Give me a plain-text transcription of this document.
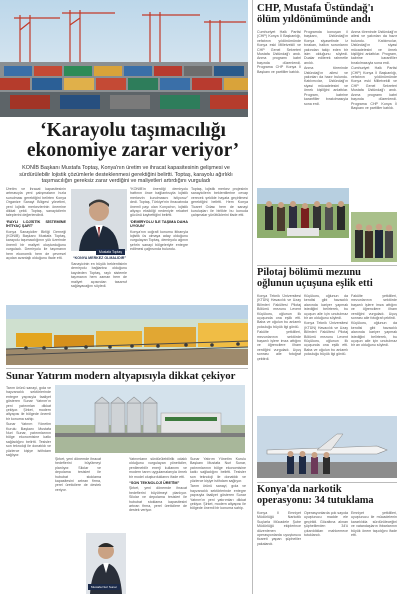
‘Karayolu taşımacılığı
ekonomiye zarar veriyor’
KONİB Başkanı Mustafa Toptaş, Konya'nın üretim ve ihracat kapasitesinin gelişmesi ve sürdürülebilir lojistik çözümlerle desteklenmesi gerektiğini belirtti. Toptaş, karayolu ağırlıklı taşımacılığın gereksiz zarar verdiğini ve maliyetleri artırdığını vurguladı

Üretim ve ihracat kapasitesinin artmasıyla yeni çalışmaların hızla sunulması gerektiğini belirten Konya Organize Sanayi Bölgesi yönetimi, yeni lojistik merkezlerinin önemine dikkat çekti. Toptaş, sanayicilerin taleplerini değerlendirdi.

‘RAYLI LOJİSTİK SİSTEMİNE İHTİYAÇ ŞART’

Konya Sanayiciler Birliği Derneği (KONİB) Başkanı Mustafa Toptaş, karayolu taşımacılığının yük üzerinde önemli bir maliyet oluşturduğunu vurguladı. Demiryolu ile taşımanın hem ekonomik hem de çevresel açıdan avantajlı olduğunu ifade etti.

Mustafa Toptaş
“KONYA MERKEZ OLMALIDIR”

Sanayicinin en büyük beklentisinin demiryolu bağlantısı olduğunu kaydeden Toptaş, raylı sistemle taşımanın hem zaman hem de maliyet açısından tasarruf sağlayacağını söyledi.

“KONİB'in önerdiği demiryolu hattının önce bağlantısıyla lojistik merkezin kurulmasını istiyoruz” dedi. Toptaş, Türkiye'nin ihracatında önemli payı olan Konya'nın, lojistik altyapı eksikliği nedeniyle rekabet gücünü kaybettiğini belirtti.

‘DEMİRYOLU İLE TAŞIMA DAHA UYGUN’

Konya'nın coğrafi konumu itibarıyla lojistik üs olmaya aday olduğunu vurgulayan Toptaş, demiryolu ağının şehrin sanayi bölgeleriyle entegre edilmesi çağrısında bulundu.

Toptaş, lojistik merkez projesinin sanayicilerin beklentilerine cevap verecek şekilde hayata geçirilmesi gerektiğini belirtti. Hem Konya Ticaret Odası hem de sanayi kuruluşları ile birlikte bu konuda çalışmalar yürüttüklerini ifade etti.

Sunar Yatırım modern altyapısıyla dikkat çekiyor

Tarım ürünü sanayi, gıda ve hayvancılık sektörlerinde entegre yapısıyla faaliyet gösteren Sunar Yatırım'ın yeni yatırımları dikkat çekiyor. Şirket, modern altyapısı ile bölgede önemli bir konuma sahip.

Sunar Yatırım Yönetim Kurulu Başkanı Mustafa Nuri Sunar, yatırımlarının bölge ekonomisine katkı sağladığını belirtti. Tesisler son teknoloji ile donatıldı ve yüzlerce kişiye istihdam sağlıyor.

Mustafa Nuri Sunar

Şirket, yeni dönemde ihracat hedeflerini büyütmeyi planlıyor. Silolar ve depolama tesisleri ile hububat stoklama kapasitesini artıran firma, yerel üreticilere de destek veriyor.

Yatırımların sürdürülebilirlik odaklı olduğunu vurgulayan yöneticiler, yenilenebilir enerji kullanımı ve modern tarım uygulamalarıyla örnek bir model oluşturduklarını ifade etti.

“SON TEKNOLOJİ ÜRETİM”

Şirket, yeni dönemde ihracat hedeflerini büyütmeyi planlıyor. Silolar ve depolama tesisleri ile hububat stoklama kapasitesini artıran firma, yerel üreticilere de destek veriyor.

Sunar Yatırım Yönetim Kurulu Başkanı Mustafa Nuri Sunar, yatırımlarının bölge ekonomisine katkı sağladığını belirtti. Tesisler son teknoloji ile donatıldı ve yüzlerce kişiye istihdam sağlıyor.

Tarım ürünü sanayi, gıda ve hayvancılık sektörlerinde entegre yapısıyla faaliyet gösteren Sunar Yatırım'ın yeni yatırımları dikkat çekiyor. Şirket, modern altyapısı ile bölgede önemli bir konuma sahip.

CHP, Mustafa Üstündağ'ı
ölüm yıldönümünde andı

Cumhuriyet Halk Partisi (CHP) Konya İl Başkanlığı, vefatının yıldönümünde Konya eski Milletvekili ve CHP Genel Sekreteri Mustafa Üstündağ'ı andı. Anma programı kabri başında düzenlendi. Programa CHP Konya İl Başkanı ve partililer katıldı.

Programda konuşan il başkanı, Üstündağ'ın Konya siyasetinde iz bırakan, halkın sorunlarını yakından takip eden bir isim olduğunu söyledi. Dualar edilerek rahmetle anıldı.

Anma töreninde Üstündağ'ın ailesi ve yakınları da hazır bulundu. Katılımcılar, Üstündağ'ın siyasi mücadelesini ve örnek kişiliğini anlattılar. Program, kabrine karanfiller bırakılmasıyla sona erdi.

Anma töreninde Üstündağ'ın ailesi ve yakınları da hazır bulundu. Katılımcılar, Üstündağ'ın siyasi mücadelesini ve örnek kişiliğini anlattılar. Program, kabrine karanfiller bırakılmasıyla sona erdi.

Cumhuriyet Halk Partisi (CHP) Konya İl Başkanlığı, vefatının yıldönümünde Konya eski Milletvekili ve CHP Genel Sekreteri Mustafa Üstündağ'ı andı. Anma programı kabri başında düzenlendi. Programa CHP Konya İl Başkanı ve partililer katıldı.

Pilotaj bölümü mezunu
oğlunun uçuşuna eşlik etti

Konya Teknik Üniversitesi (KTÜN) Havacılık ve Uzay Bilimleri Fakültesi Pilotaj Bölümü mezunu Levent Küçükoru, oğlunun ilk uçuşunda ona eşlik etti. Baba ve oğulun bu anlamlı yolculuğu büyük ilgi gördü.

Fakülte yetkilileri, mezunlarının sektörde başarılı işlere imza attığını ve öğrencilere ilham verdiğini vurguladı. Uçuş sonrası aile fotoğraf çektirdi.

Küçükoru, oğlunun da kendisi gibi havacılık alanında kariyer yapmak istediğini belirterek, bu uçuşun aile için unutulmaz bir an olduğunu söyledi.

Konya Teknik Üniversitesi (KTÜN) Havacılık ve Uzay Bilimleri Fakültesi Pilotaj Bölümü mezunu Levent Küçükoru, oğlunun ilk uçuşunda ona eşlik etti. Baba ve oğulun bu anlamlı yolculuğu büyük ilgi gördü.

Fakülte yetkilileri, mezunlarının sektörde başarılı işlere imza attığını ve öğrencilere ilham verdiğini vurguladı. Uçuş sonrası aile fotoğraf çektirdi.

Küçükoru, oğlunun da kendisi gibi havacılık alanında kariyer yapmak istediğini belirterek, bu uçuşun aile için unutulmaz bir an olduğunu söyledi.

Konya'da narkotik
operasyonu: 34 tutuklama

Konya İl Emniyet Müdürlüğü Narkotik Suçlarla Mücadele Şube Müdürlüğü ekiplerince düzenlenen operasyonlarda uyuşturucu ticareti yapan şüpheliler yakalandı.

Operasyonlarda çok sayıda uyuşturucu madde ele geçirildi. Gözaltına alınan şüphelilerden 34'ü çıkarıldıkları mahkemece tutuklandı.

Emniyet yetkilileri, uyuşturucu ile mücadelenin kararlılıkla sürdürüleceğini ve vatandaşların ihbarlarının büyük önem taşıdığını ifade etti.
